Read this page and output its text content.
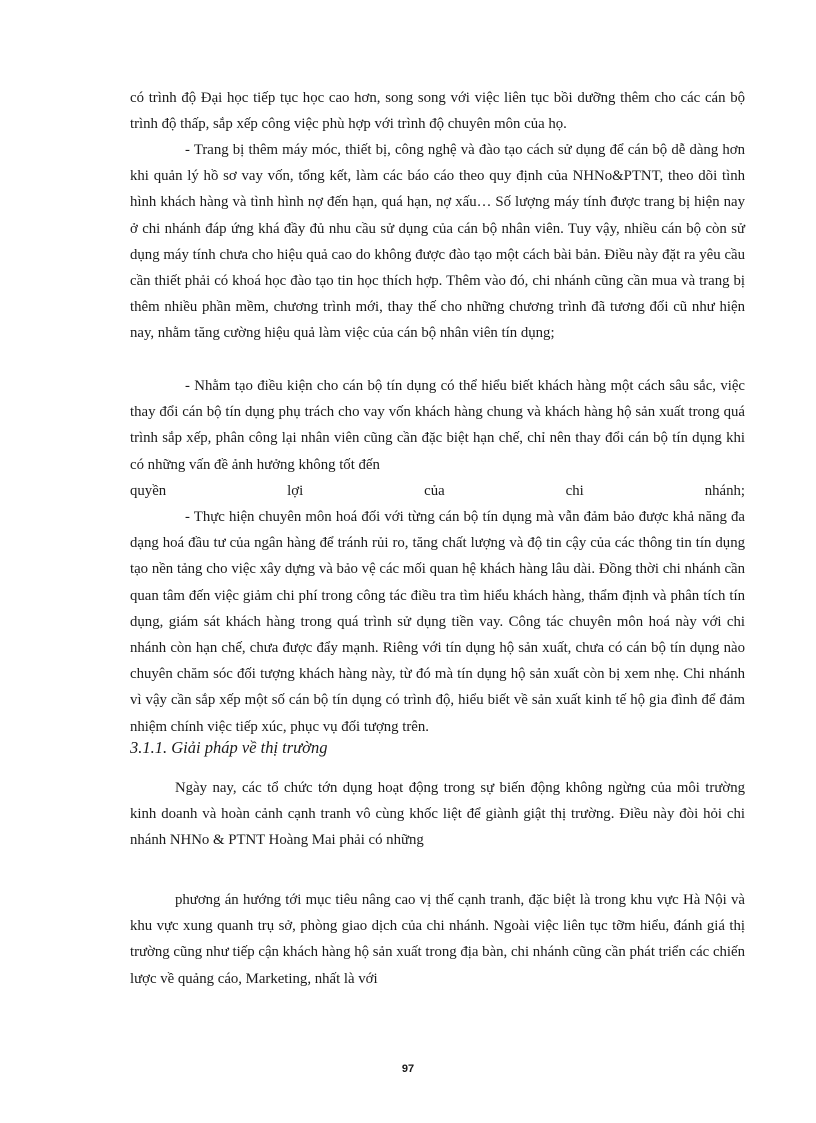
có trình độ Đại học tiếp tục học cao hơn, song song với việc liên tục bồi dưỡng thêm cho các cán bộ trình độ thấp, sắp xếp công việc phù hợp với trình độ chuyên môn của họ.

- Trang bị thêm máy móc, thiết bị, công nghệ và đào tạo cách sử dụng để cán bộ dễ dàng hơn khi quản lý hồ sơ vay vốn, tổng kết, làm các báo cáo theo quy định của NHNo&PTNT, theo dõi tình hình khách hàng và tình hình nợ đến hạn, quá hạn, nợ xấu… Số lượng máy tính được trang bị hiện nay ở chi nhánh đáp ứng khá đầy đủ nhu cầu sử dụng của cán bộ nhân viên. Tuy vậy, nhiều cán bộ còn sử dụng máy tính chưa cho hiệu quả cao do không được đào tạo một cách bài bản. Điều này đặt ra yêu cầu cần thiết phải có khoá học đào tạo tin học thích hợp. Thêm vào đó, chi nhánh cũng cần mua và trang bị thêm nhiều phần mềm, chương trình mới, thay thế cho những chương trình đã tương đối cũ như hiện nay, nhằm tăng cường hiệu quả làm việc của cán bộ nhân viên tín dụng;

- Nhằm tạo điều kiện cho cán bộ tín dụng có thể hiểu biết khách hàng một cách sâu sắc, việc thay đổi cán bộ tín dụng phụ trách cho vay vốn khách hàng chung và khách hàng hộ sản xuất trong quá trình sắp xếp, phân công lại nhân viên cũng cần đặc biệt hạn chế, chỉ nên thay đổi cán bộ tín dụng khi có những vấn đề ảnh hưởng không tốt đến

quyền	lợi	của	chi	nhánh;

- Thực hiện chuyên môn hoá đối với từng cán bộ tín dụng mà vẫn đảm bảo được khả năng đa dạng hoá đầu tư của ngân hàng để tránh rủi ro, tăng chất lượng và độ tin cậy của các thông tin tín dụng tạo nền tảng cho việc xây dựng và bảo vệ các mối quan hệ khách hàng lâu dài. Đồng thời chi nhánh cần quan tâm đến việc giảm chi phí trong công tác điều tra tìm hiểu khách hàng, thẩm định và phân tích tín dụng, giám sát khách hàng trong quá trình sử dụng tiền vay. Công tác chuyên môn hoá này với chi nhánh còn hạn chế, chưa được đẩy mạnh. Riêng với tín dụng hộ sản xuất, chưa có cán bộ tín dụng nào chuyên chăm sóc đối tượng khách hàng này, từ đó mà tín dụng hộ sản xuất còn bị xem nhẹ. Chi nhánh vì vậy cần sắp xếp một số cán bộ tín dụng có trình độ, hiểu biết về sản xuất kinh tế hộ gia đình để đảm nhiệm chính việc tiếp xúc, phục vụ đối tượng trên.

3.1.1. Giải pháp về thị trường

Ngày nay, các tổ chức tớn dụng hoạt động trong sự biến động không ngừng của môi trường kinh doanh và hoàn cảnh cạnh tranh vô cùng khốc liệt để giành giật thị trường. Điều này đòi hỏi chi nhánh NHNo & PTNT Hoàng Mai phải có những

phương án hướng tới mục tiêu nâng cao vị thế cạnh tranh, đặc biệt là trong khu vực Hà Nội và khu vực xung quanh trụ sở, phòng giao dịch của chi nhánh. Ngoài việc liên tục tỡm hiểu, đánh giá thị trường cũng như tiếp cận khách hàng hộ sản xuất trong địa bàn, chi nhánh cũng cần phát triển các chiến lược về quảng cáo, Marketing, nhất là với

97
